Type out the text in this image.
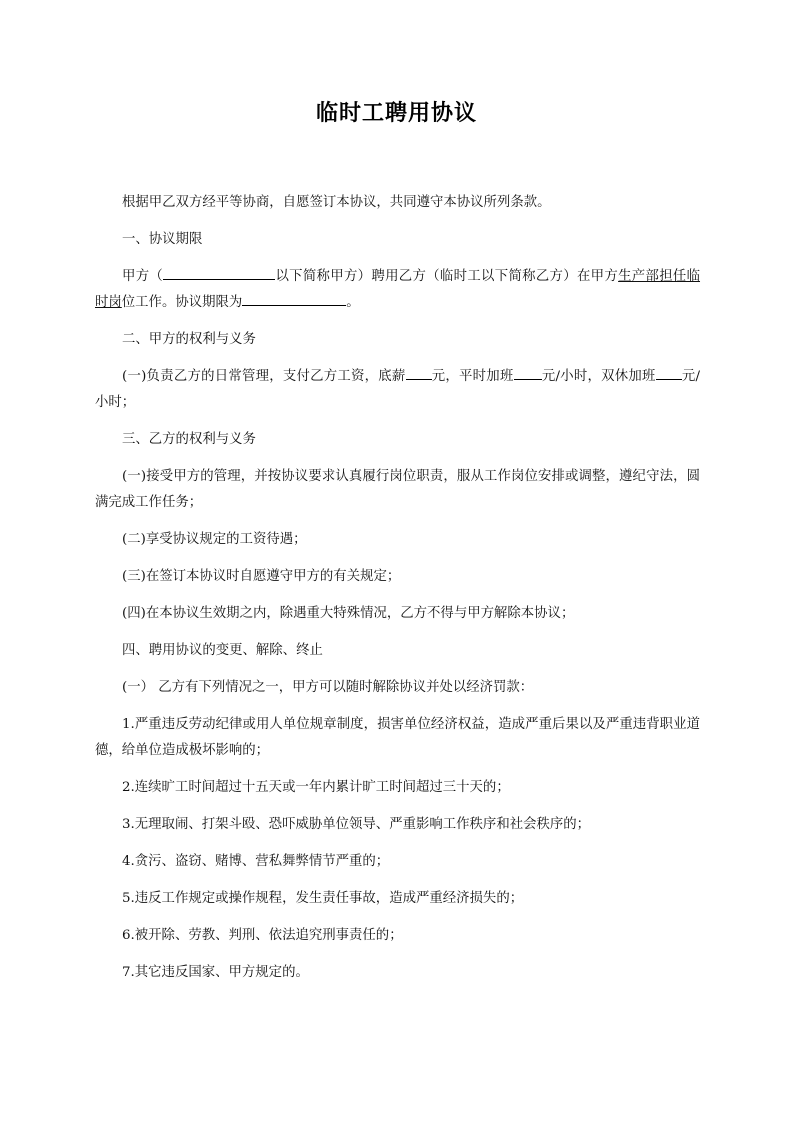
临时工聘用协议

根据甲乙双方经平等协商，自愿签订本协议，共同遵守本协议所列条款。

一、协议期限

甲方（	以下简称甲方）聘用乙方（临时工以下简称乙方）在甲方生产部担任临时岗位工作。协议期限为	。

二、甲方的权利与义务

(一)负责乙方的日常管理，支付乙方工资，底薪 元，平时加班 元/小时，双休加班 元/小时；

三、乙方的权利与义务

(一)接受甲方的管理，并按协议要求认真履行岗位职责，服从工作岗位安排或调整，遵纪守法，圆满完成工作任务；

(二)享受协议规定的工资待遇；

(三)在签订本协议时自愿遵守甲方的有关规定；

(四)在本协议生效期之内，除遇重大特殊情况，乙方不得与甲方解除本协议；

四、聘用协议的变更、解除、终止

(一） 乙方有下列情况之一，甲方可以随时解除协议并处以经济罚款：

1.严重违反劳动纪律或用人单位规章制度，损害单位经济权益，造成严重后果以及严重违背职业道德，给单位造成极坏影响的；

2.连续旷工时间超过十五天或一年内累计旷工时间超过三十天的；

3.无理取闹、打架斗殴、恐吓威胁单位领导、严重影响工作秩序和社会秩序的；

4.贪污、盗窃、赌博、营私舞弊情节严重的；

5.违反工作规定或操作规程，发生责任事故，造成严重经济损失的；

6.被开除、劳教、判刑、依法追究刑事责任的；

7.其它违反国家、甲方规定的。
